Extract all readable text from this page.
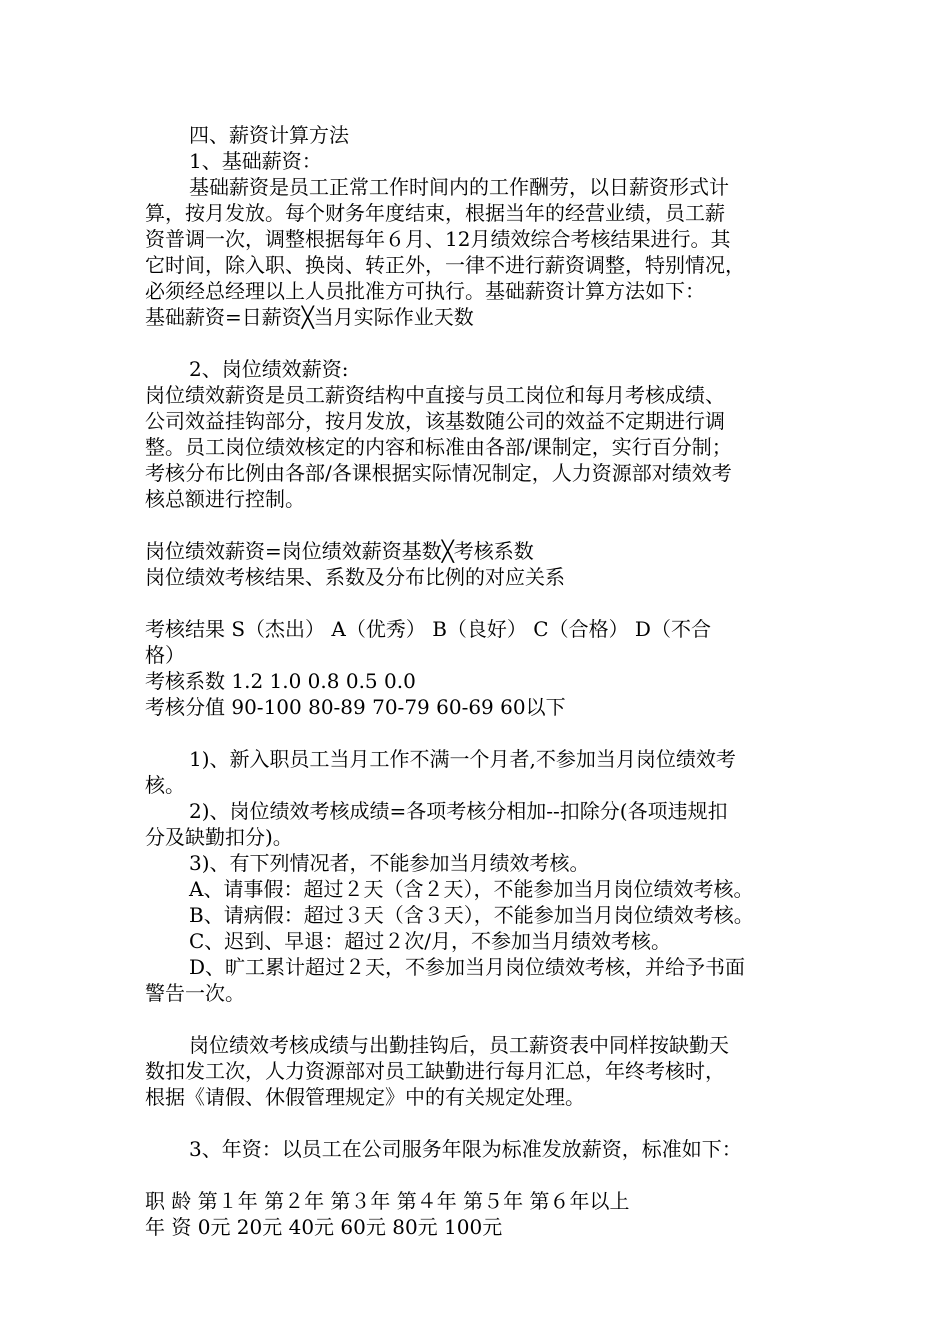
四、薪资计算方法
1、基础薪资：
基础薪资是员工正常工作时间内的工作酬劳，以日薪资形式计
算，按月发放。每个财务年度结束，根据当年的经营业绩，员工薪
资普调一次，调整根据每年６月、12月绩效综合考核结果进行。其
它时间，除入职、换岗、转正外，一律不进行薪资调整，特别情况，
必须经总经理以上人员批准方可执行。基础薪资计算方法如下：
基础薪资=日薪资╳当月实际作业天数
2、岗位绩效薪资:
岗位绩效薪资是员工薪资结构中直接与员工岗位和每月考核成绩、
公司效益挂钩部分，按月发放，该基数随公司的效益不定期进行调
整。员工岗位绩效核定的内容和标准由各部/课制定，实行百分制；
考核分布比例由各部/各课根据实际情况制定，人力资源部对绩效考
核总额进行控制。
岗位绩效薪资=岗位绩效薪资基数╳考核系数
岗位绩效考核结果、系数及分布比例的对应关系
考核结果 S（杰出） A（优秀） B（良好） C（合格） D（不合
格）
考核系数 1.2 1.0 0.8 0.5 0.0
考核分值 90-100 80-89 70-79 60-69 60以下
1)、新入职员工当月工作不满一个月者,不参加当月岗位绩效考
核。
2)、岗位绩效考核成绩=各项考核分相加--扣除分(各项违规扣
分及缺勤扣分)。
3)、有下列情况者，不能参加当月绩效考核。
A、请事假：超过２天（含２天），不能参加当月岗位绩效考核。
B、请病假：超过３天（含３天），不能参加当月岗位绩效考核。
C、迟到、早退：超过２次/月，不参加当月绩效考核。
D、旷工累计超过２天，不参加当月岗位绩效考核，并给予书面
警告一次。
岗位绩效考核成绩与出勤挂钩后，员工薪资表中同样按缺勤天
数扣发工次，人力资源部对员工缺勤进行每月汇总，年终考核时，
根据《请假、休假管理规定》中的有关规定处理。
3、年资：以员工在公司服务年限为标准发放薪资，标准如下：
职 龄 第１年 第２年 第３年 第４年 第５年 第６年以上
年 资 0元 20元 40元 60元 80元 100元
